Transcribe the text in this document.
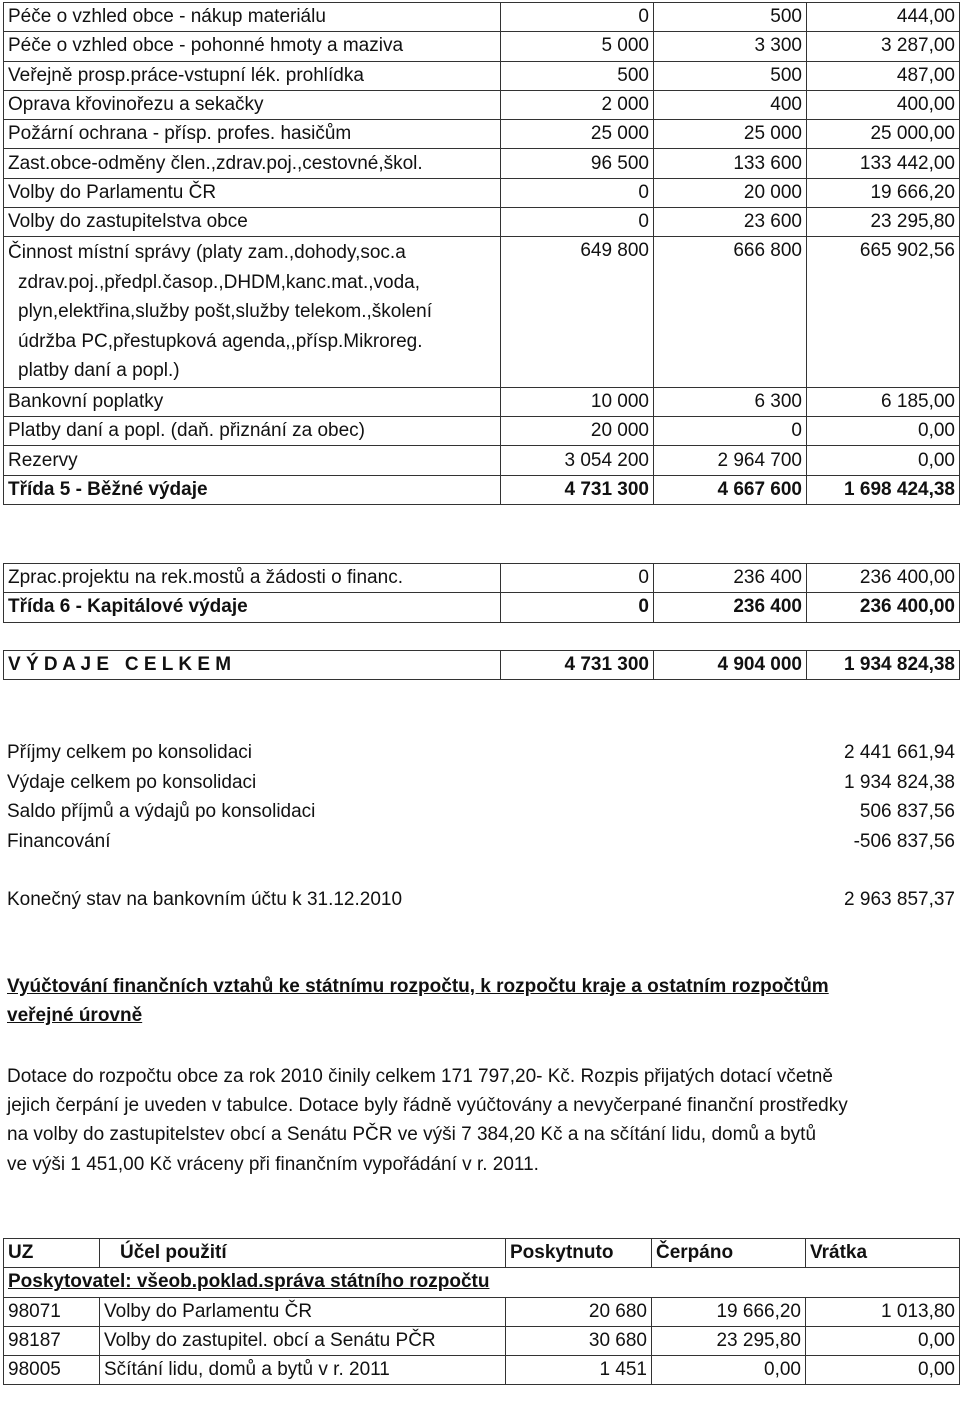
Péče o vzhled obce - nákup materiálu	0	500	444,00
Péče o vzhled obce - pohonné hmoty a maziva	5 000	3 300	3 287,00
Veřejně prosp.práce-vstupní lék. prohlídka	500	500	487,00
Oprava křovinořezu a sekačky	2 000	400	400,00
Požární ochrana - přísp. profes. hasičům	25 000	25 000	25 000,00
Zast.obce-odměny člen.,zdrav.poj.,cestovné,škol.	96 500	133 600	133 442,00
Volby do Parlamentu ČR	0	20 000	19 666,20
Volby do zastupitelstva obce	0	23 600	23 295,80

Činnost místní správy (platy zam.,dohody,soc.a
zdrav.poj.,předpl.časop.,DHDM,kanc.mat.,voda,
plyn,elektřina,služby pošt,služby telekom.,školení
údržba PC,přestupková agenda,,přísp.Mikroreg.
platby daní a popl.)	649 800	666 800	665 902,56
Bankovní poplatky	10 000	6 300	6 185,00
Platby daní a popl. (daň. přiznání za obec)	20 000	0	0,00
Rezervy	3 054 200	2 964 700	0,00
Třída 5 - Běžné výdaje	4 731 300	4 667 600	1 698 424,38
Zprac.projektu na rek.mostů a žádosti o financ.	0	236 400	236 400,00
Třída 6 - Kapitálové výdaje	0	236 400	236 400,00
V Ý D A J E   C E L K E M	4 731 300	4 904 000	1 934 824,38
Příjmy celkem po konsolidaci	2 441 661,94
Výdaje celkem po konsolidaci	1 934 824,38
Saldo příjmů a výdajů po konsolidaci	506 837,56
Financování	-506 837,56
Konečný stav na bankovním účtu k 31.12.2010	2 963 857,37
Vyúčtování finančních vztahů ke státnímu rozpočtu, k rozpočtu kraje a ostatním rozpočtům
veřejné úrovně
Dotace do rozpočtu obce za rok 2010 činily celkem 171 797,20- Kč. Rozpis přijatých dotací včetně
jejich čerpání je uveden v tabulce. Dotace byly řádně vyúčtovány a nevyčerpané finanční prostředky
na volby do zastupitelstev obcí a Senátu PČR ve výši 7 384,20 Kč a na sčítání lidu, domů a bytů
ve výši 1 451,00 Kč vráceny při finančním vypořádání v r. 2011.
UZ	Účel použití	Poskytnuto	Čerpáno	Vrátka
Poskytovatel: všeob.poklad.správa státního rozpočtu				
98071	Volby do Parlamentu ČR	20 680	19 666,20	1 013,80
98187	Volby do zastupitel. obcí a Senátu PČR	30 680	23 295,80	0,00
98005	Sčítání lidu, domů a bytů v r. 2011	1 451	0,00	0,00
